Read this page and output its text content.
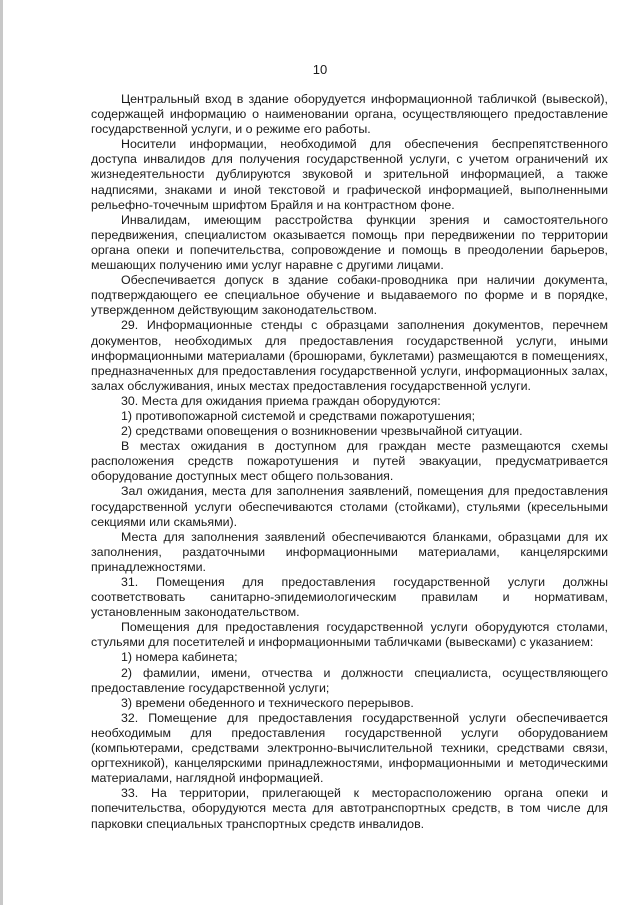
10

Центральный вход в здание оборудуется информационной табличкой (вывеской), содержащей информацию о наименовании органа, осуществляющего предоставление государственной услуги, и о режиме его работы.

Носители информации, необходимой для обеспечения беспрепятственного доступа инвалидов для получения государственной услуги, с учетом ограничений их жизнедеятельности дублируются звуковой и зрительной информацией, а также надписями, знаками и иной текстовой и графической информацией, выполненными рельефно-точечным шрифтом Брайля и на контрастном фоне.

Инвалидам, имеющим расстройства функции зрения и самостоятельного передвижения, специалистом оказывается помощь при передвижении по территории органа опеки и попечительства, сопровождение и помощь в преодолении барьеров, мешающих получению ими услуг наравне с другими лицами.

Обеспечивается допуск в здание собаки-проводника при наличии документа, подтверждающего ее специальное обучение и выдаваемого по форме и в порядке, утвержденном действующим законодательством.

29. Информационные стенды с образцами заполнения документов, перечнем документов, необходимых для предоставления государственной услуги, иными информационными материалами (брошюрами, буклетами) размещаются в помещениях, предназначенных для предоставления государственной услуги, информационных залах, залах обслуживания, иных местах предоставления государственной услуги.

30. Места для ожидания приема граждан оборудуются:

1) противопожарной системой и средствами пожаротушения;

2) средствами оповещения о возникновении чрезвычайной ситуации.

В местах ожидания в доступном для граждан месте размещаются схемы расположения средств пожаротушения и путей эвакуации, предусматривается оборудование доступных мест общего пользования.

Зал ожидания, места для заполнения заявлений, помещения для предоставления государственной услуги обеспечиваются столами (стойками), стульями (кресельными секциями или скамьями).

Места для заполнения заявлений обеспечиваются бланками, образцами для их заполнения, раздаточными информационными материалами, канцелярскими принадлежностями.

31. Помещения для предоставления государственной услуги должны соответствовать санитарно-эпидемиологическим правилам и нормативам, установленным законодательством.

Помещения для предоставления государственной услуги оборудуются столами, стульями для посетителей и информационными табличками (вывесками) с указанием:

1) номера кабинета;

2) фамилии, имени, отчества и должности специалиста, осуществляющего предоставление государственной услуги;

3) времени обеденного и технического перерывов.

32. Помещение для предоставления государственной услуги обеспечивается необходимым для предоставления государственной услуги оборудованием (компьютерами, средствами электронно-вычислительной техники, средствами связи, оргтехникой), канцелярскими принадлежностями, информационными и методическими материалами, наглядной информацией.

33. На территории, прилегающей к месторасположению органа опеки и попечительства, оборудуются места для автотранспортных средств, в том числе для парковки специальных транспортных средств инвалидов.
